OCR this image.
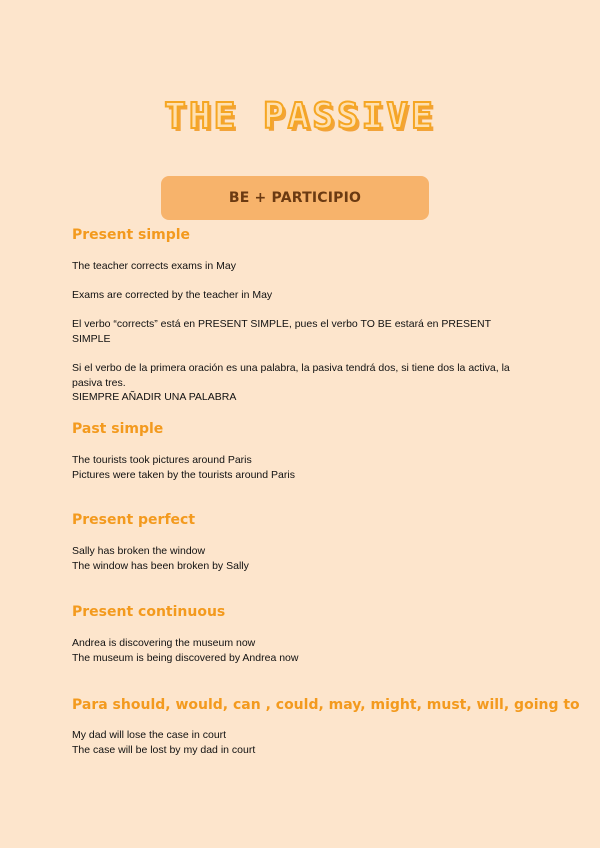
THE PASSIVE
BE + PARTICIPIO
Present simple
The teacher corrects exams in May
Exams are corrected by the teacher in May
El verbo “corrects” está en PRESENT SIMPLE, pues el verbo TO BE estará en PRESENT SIMPLE
Si el verbo de la primera oración es una palabra, la pasiva tendrá dos, si tiene dos la activa, la pasiva tres.
SIEMPRE AÑADIR UNA PALABRA
Past simple
The tourists took pictures around Paris
Pictures were taken by the tourists around Paris
Present perfect
Sally has broken the window
The window has been broken by Sally
Present continuous
Andrea is discovering the museum now
The museum is being discovered by Andrea now
Para should, would, can , could, may, might, must, will, going to
My dad will lose the case in court
The case will be lost by my dad in court
